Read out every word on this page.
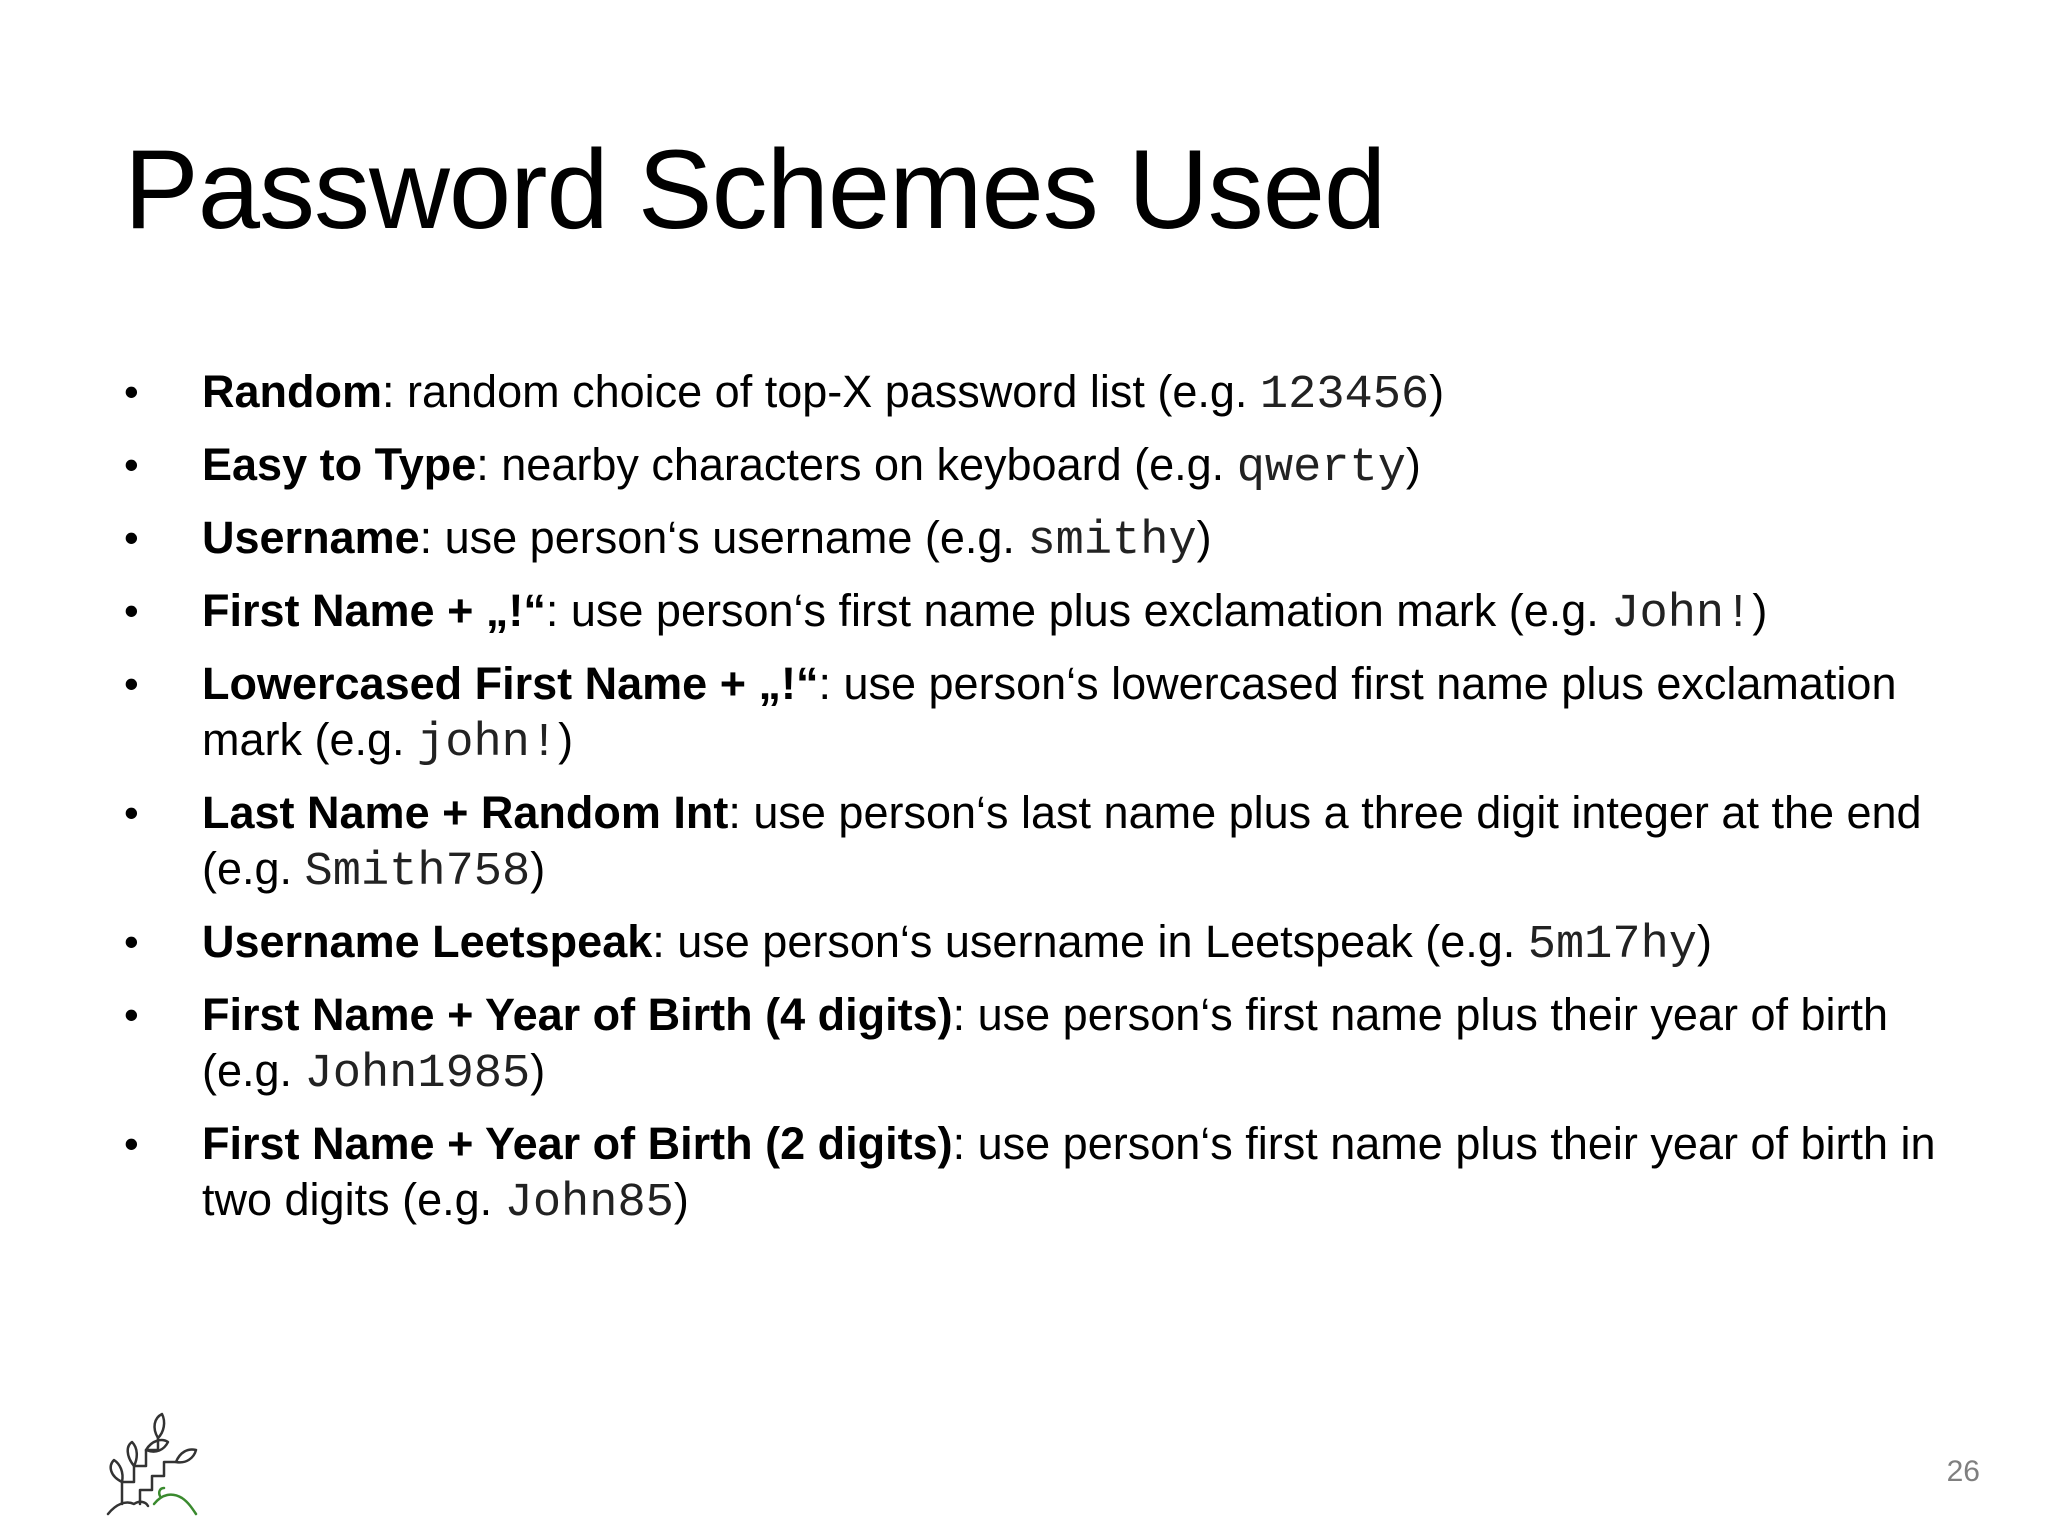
Password Schemes Used
• Random: random choice of top-X password list (e.g. 123456)
• Easy to Type: nearby characters on keyboard (e.g. qwerty)
• Username: use person‘s username (e.g. smithy)
• First Name + „!“: use person‘s first name plus exclamation mark (e.g. John!)
• Lowercased First Name + „!“: use person‘s lowercased first name plus exclamation mark (e.g. john!)
• Last Name + Random Int: use person‘s last name plus a three digit integer at the end (e.g. Smith758)
• Username Leetspeak: use person‘s username in Leetspeak (e.g. 5m17hy)
• First Name + Year of Birth (4 digits): use person‘s first name plus their year of birth (e.g. John1985)
• First Name + Year of Birth (2 digits): use person‘s first name plus their year of birth in two digits (e.g. John85)
26
